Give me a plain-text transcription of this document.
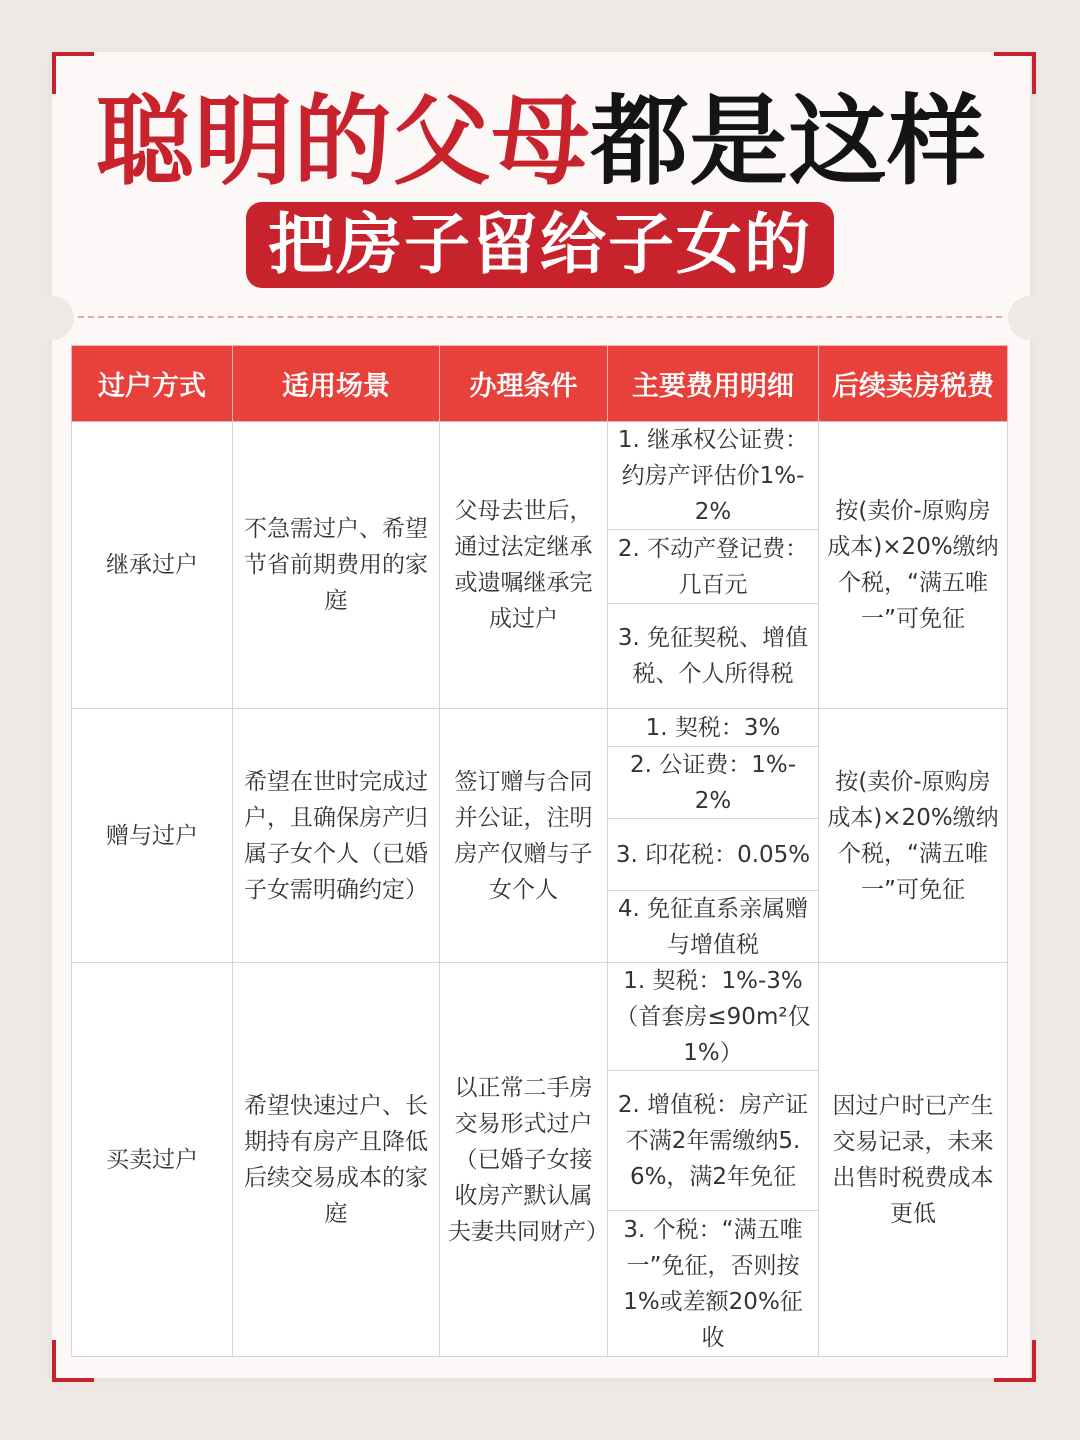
聪明的父母都是这样
把房子留给子女的
过户方式	适用场景	办理条件	主要费用明细	后续卖房税费
继承过户	不急需过户、希望节省前期费用的家庭	父母去世后，通过法定继承或遗嘱继承完成过户	1. 继承权公证费：约房产评估价1%-2%
2. 不动产登记费：几百元
3. 免征契税、增值税、个人所得税	按(卖价-原购房成本)×20%缴纳个税，“满五唯一”可免征
赠与过户	希望在世时完成过户，且确保房产归属子女个人（已婚子女需明确约定）	签订赠与合同并公证，注明房产仅赠与子女个人	1. 契税：3%
2. 公证费：1%-2%
3. 印花税：0.05%
4. 免征直系亲属赠与增值税	按(卖价-原购房成本)×20%缴纳个税，“满五唯一”可免征
买卖过户	希望快速过户、长期持有房产且降低后续交易成本的家庭	以正常二手房交易形式过户（已婚子女接收房产默认属夫妻共同财产）	1. 契税：1%-3%（首套房≤90m²仅1%）
2. 增值税：房产证不满2年需缴纳5.6%，满2年免征
3. 个税：“满五唯一”免征，否则按1%或差额20%征收	因过户时已产生交易记录，未来出售时税费成本更低
